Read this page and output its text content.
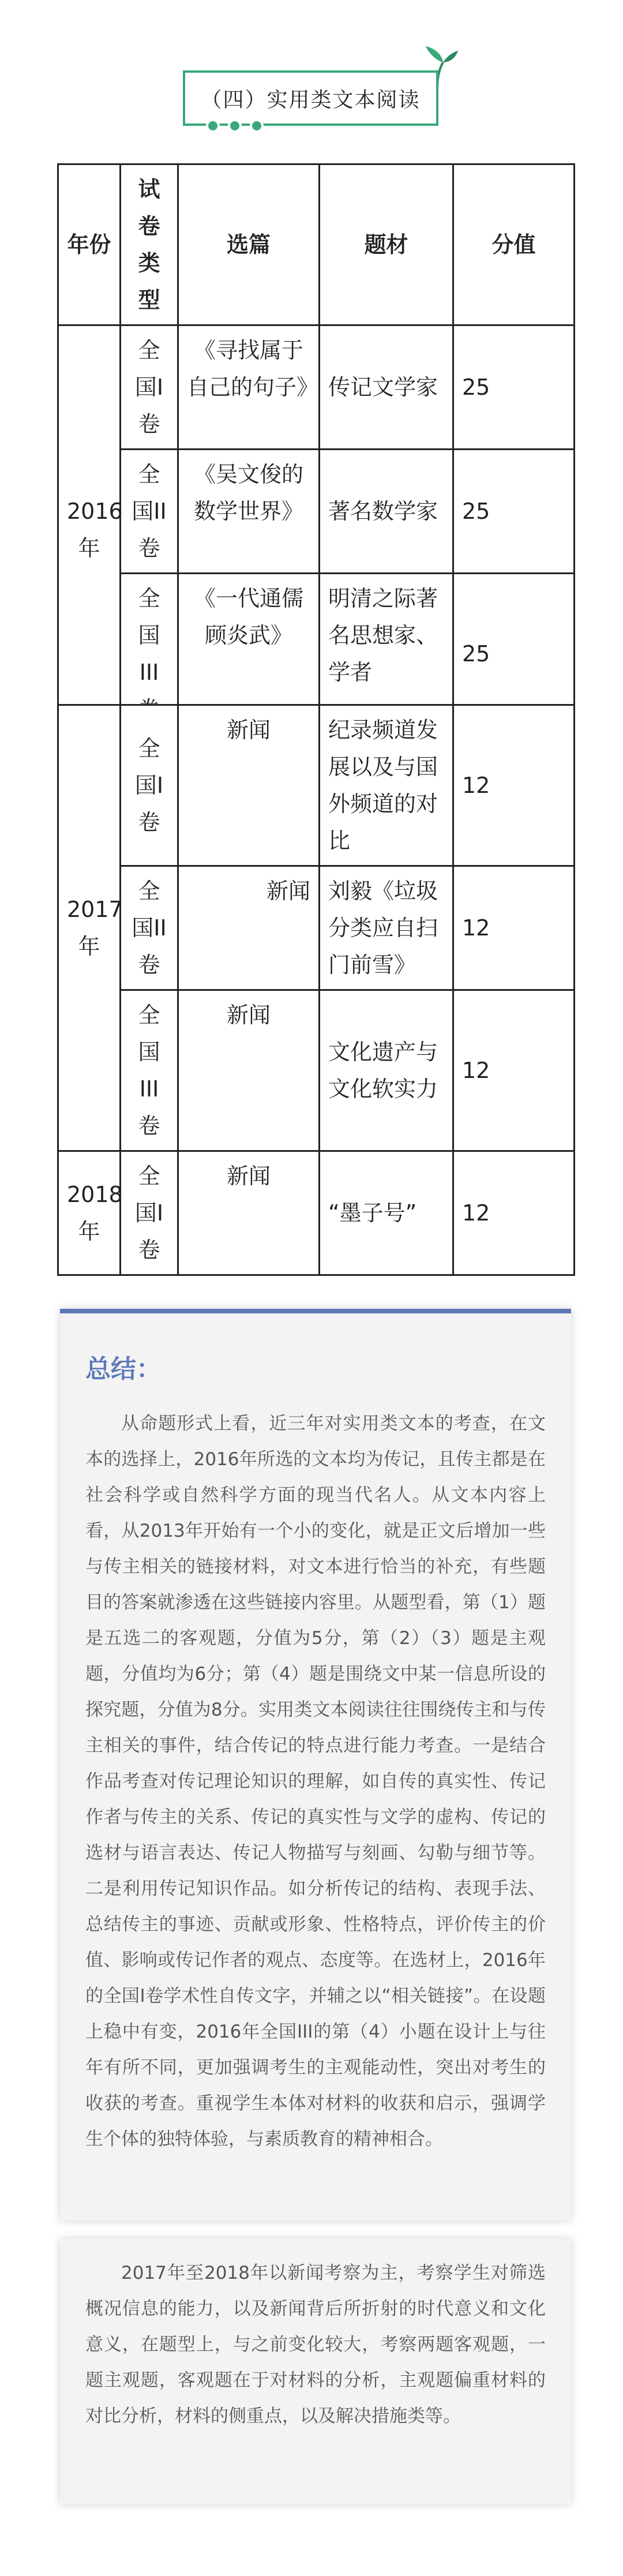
（四）实用类文本阅读
年份	试卷类型	选篇	题材	分值
2016年	全国I卷	《寻找属于自己的句子》	传记文学家	25
	全国II卷	《吴文俊的数学世界》	著名数学家	25
	全国III	《一代通儒顾炎武》	明清之际著名思想家、学者	25
2017年	全国I卷	新闻	纪录频道发展以及与国外频道的对比	12
	全国II卷	新闻	刘毅《垃圾分类应自扫门前雪》	12
	全国III卷	新闻	文化遗产与文化软实力	12
2018年	全国I卷	新闻	“墨子号”	12
总结：
从命题形式上看，近三年对实用类文本的考查，在文本的选择上，2016年所选的文本均为传记，且传主都是在社会科学或自然科学方面的现当代名人。从文本内容上看，从2013年开始有一个小的变化，就是正文后增加一些与传主相关的链接材料，对文本进行恰当的补充，有些题目的答案就渗透在这些链接内容里。从题型看，第（1）题是五选二的客观题，分值为5分，第（2）（3）题是主观题，分值均为6分；第（4）题是围绕文中某一信息所设的探究题，分值为8分。实用类文本阅读往往围绕传主和与传主相关的事件，结合传记的特点进行能力考查。一是结合作品考查对传记理论知识的理解，如自传的真实性、传记作者与传主的关系、传记的真实性与文学的虚构、传记的选材与语言表达、传记人物描写与刻画、勾勒与细节等。二是利用传记知识作品。如分析传记的结构、表现手法、总结传主的事迹、贡献或形象、性格特点，评价传主的价值、影响或传记作者的观点、态度等。在选材上，2016年的全国I卷学术性自传文字，并辅之以“相关链接”。在设题上稳中有变，2016年全国III的第（4）小题在设计上与往年有所不同，更加强调考生的主观能动性，突出对考生的收获的考查。重视学生本体对材料的收获和启示，强调学生个体的独特体验，与素质教育的精神相合。
2017年至2018年以新闻考察为主，考察学生对筛选概况信息的能力，以及新闻背后所折射的时代意义和文化意义，在题型上，与之前变化较大，考察两题客观题，一题主观题，客观题在于对材料的分析，主观题偏重材料的对比分析，材料的侧重点，以及解决措施类等。
